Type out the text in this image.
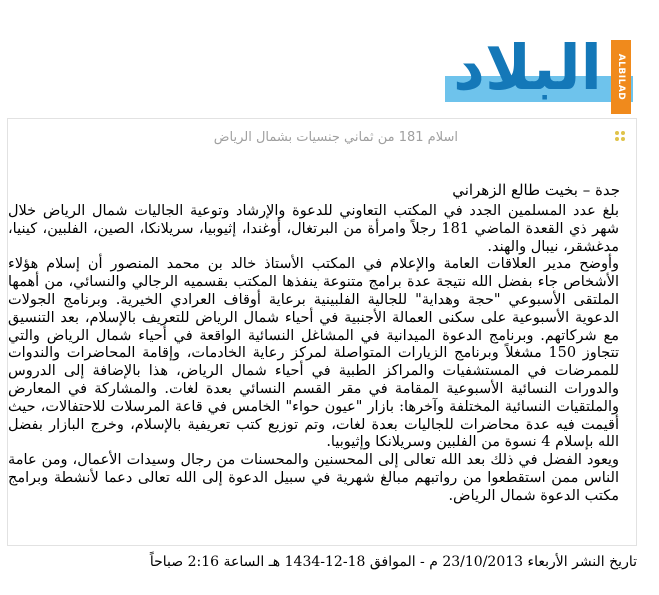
البلاد	ALBILAD
اسلام 181 من ثماني جنسيات بشمال الرياض
جدة – بخيت طالع الزهراني

بلغ عدد المسلمين الجدد في المكتب التعاوني للدعوة والإرشاد وتوعية الجاليات شمال الرياض خلال شهر ذي القعدة الماضي 181 رجلاً وامرأة من البرتغال، أوغندا، إثيوبيا، سريلانكا، الصين، الفلبين، كينيا، مدغشقر، نيبال والهند.

وأوضح مدير العلاقات العامة والإعلام في المكتب الأستاذ خالد بن محمد المنصور أن إسلام هؤلاء الأشخاص جاء بفضل الله نتيجة عدة برامج متنوعة ينفذها المكتب بقسميه الرجالي والنسائي، من أهمها الملتقى الأسبوعي "حجة وهداية" للجالية الفلبينية برعاية أوقاف العرادي الخيرية. وبرنامج الجولات الدعوية الأسبوعية على سكنى العمالة الأجنبية في أحياء شمال الرياض للتعريف بالإسلام، بعد التنسيق مع شركاتهم. وبرنامج الدعوة الميدانية في المشاغل النسائية الواقعة في أحياء شمال الرياض والتي تتجاوز 150 مشغلاً وبرنامج الزيارات المتواصلة لمركز رعاية الخادمات، وإقامة المحاضرات والندوات للممرضات في المستشفيات والمراكز الطبية في أحياء شمال الرياض، هذا بالإضافة إلى الدروس والدورات النسائية الأسبوعية المقامة في مقر القسم النسائي بعدة لغات. والمشاركة في المعارض والملتقيات النسائية المختلفة وآخرها: بازار "عيون حواء" الخامس في قاعة المرسلات للاحتفالات، حيث أقيمت فيه عدة محاضرات للجاليات بعدة لغات، وتم توزيع كتب تعريفية بالإسلام، وخرج البازار بفضل الله بإسلام 4 نسوة من الفلبين وسريلانكا وإثيوبيا.

ويعود الفضل في ذلك بعد الله تعالى إلى المحسنين والمحسنات من رجال وسيدات الأعمال، ومن عامة الناس ممن استقطعوا من رواتبهم مبالغ شهرية في سبيل الدعوة إلى الله تعالى دعما لأنشطة وبرامج مكتب الدعوة شمال الرياض.

تاريخ النشر الأربعاء 23/10/2013 م - الموافق 18-12-1434 هـ الساعة 2:16 صباحاً
